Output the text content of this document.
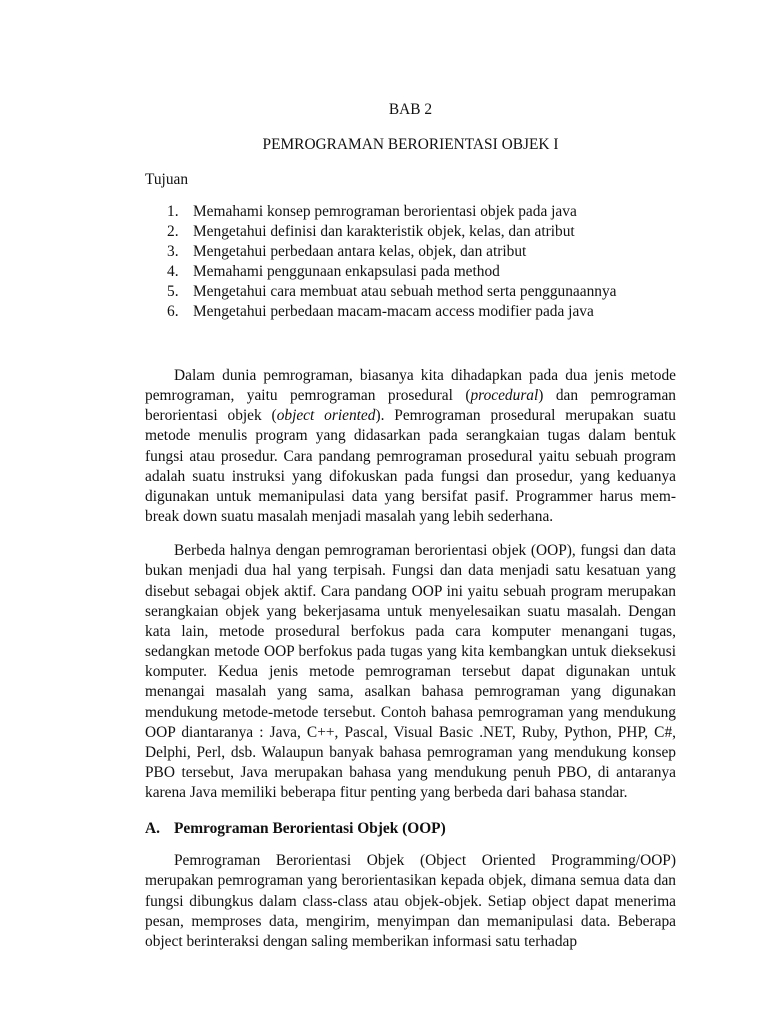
BAB 2
PEMROGRAMAN BERORIENTASI OBJEK I
Tujuan
1. Memahami konsep pemrograman berorientasi objek pada java
2. Mengetahui definisi dan karakteristik objek, kelas, dan atribut
3. Mengetahui perbedaan antara kelas, objek, dan atribut
4. Memahami penggunaan enkapsulasi pada method
5. Mengetahui cara membuat atau sebuah method serta penggunaannya
6. Mengetahui perbedaan macam-macam access modifier pada java

Dalam dunia pemrograman, biasanya kita dihadapkan pada dua jenis metode pemrograman, yaitu pemrograman prosedural (procedural) dan pemrograman berorientasi objek (object oriented). Pemrograman prosedural merupakan suatu metode menulis program yang didasarkan pada serangkaian tugas dalam bentuk fungsi atau prosedur. Cara pandang pemrograman prosedural yaitu sebuah program adalah suatu instruksi yang difokuskan pada fungsi dan prosedur, yang keduanya digunakan untuk memanipulasi data yang bersifat pasif. Programmer harus mem-break down suatu masalah menjadi masalah yang lebih sederhana.

Berbeda halnya dengan pemrograman berorientasi objek (OOP), fungsi dan data bukan menjadi dua hal yang terpisah. Fungsi dan data menjadi satu kesatuan yang disebut sebagai objek aktif. Cara pandang OOP ini yaitu sebuah program merupakan serangkaian objek yang bekerjasama untuk menyelesaikan suatu masalah. Dengan kata lain, metode prosedural berfokus pada cara komputer menangani tugas, sedangkan metode OOP berfokus pada tugas yang kita kembangkan untuk dieksekusi komputer. Kedua jenis metode pemrograman tersebut dapat digunakan untuk menangai masalah yang sama, asalkan bahasa pemrograman yang digunakan mendukung metode-metode tersebut. Contoh bahasa pemrograman yang mendukung OOP diantaranya : Java, C++, Pascal, Visual Basic .NET, Ruby, Python, PHP, C#, Delphi, Perl, dsb. Walaupun banyak bahasa pemrograman yang mendukung konsep PBO tersebut, Java merupakan bahasa yang mendukung penuh PBO, di antaranya karena Java memiliki beberapa fitur penting yang berbeda dari bahasa standar.

A. Pemrograman Berorientasi Objek (OOP)

Pemrograman Berorientasi Objek (Object Oriented Programming/OOP) merupakan pemrograman yang berorientasikan kepada objek, dimana semua data dan fungsi dibungkus dalam class-class atau objek-objek. Setiap object dapat menerima pesan, memproses data, mengirim, menyimpan dan memanipulasi data. Beberapa object berinteraksi dengan saling memberikan informasi satu terhadap
